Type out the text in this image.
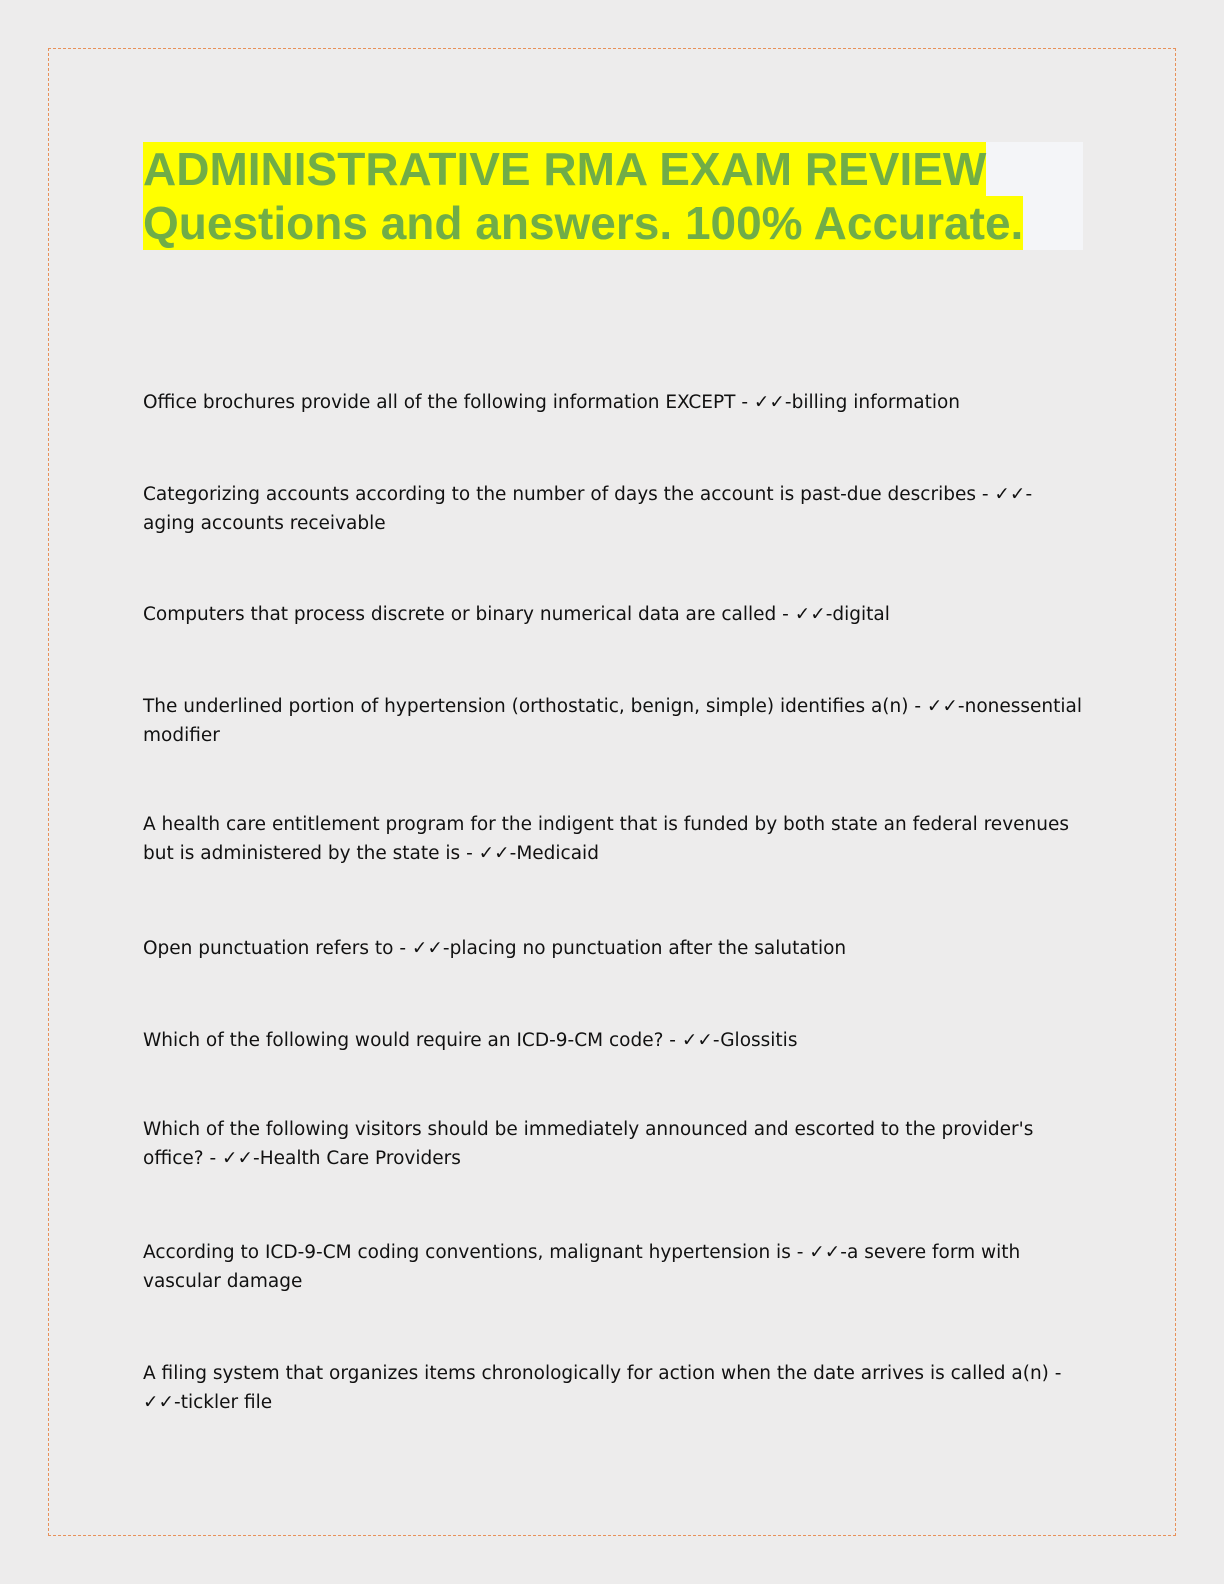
ADMINISTRATIVE RMA EXAM REVIEW
Questions and answers. 100% Accurate.
Office brochures provide all of the following information EXCEPT - ✓✓-billing information
Categorizing accounts according to the number of days the account is past-due describes - ✓✓-aging accounts receivable
Computers that process discrete or binary numerical data are called - ✓✓-digital
The underlined portion of hypertension (orthostatic, benign, simple) identifies a(n) - ✓✓-nonessential modifier
A health care entitlement program for the indigent that is funded by both state an federal revenues but is administered by the state is - ✓✓-Medicaid
Open punctuation refers to - ✓✓-placing no punctuation after the salutation
Which of the following would require an ICD-9-CM code? - ✓✓-Glossitis
Which of the following visitors should be immediately announced and escorted to the provider's office? - ✓✓-Health Care Providers
According to ICD-9-CM coding conventions, malignant hypertension is - ✓✓-a severe form with vascular damage
A filing system that organizes items chronologically for action when the date arrives is called a(n) - ✓✓-tickler file
